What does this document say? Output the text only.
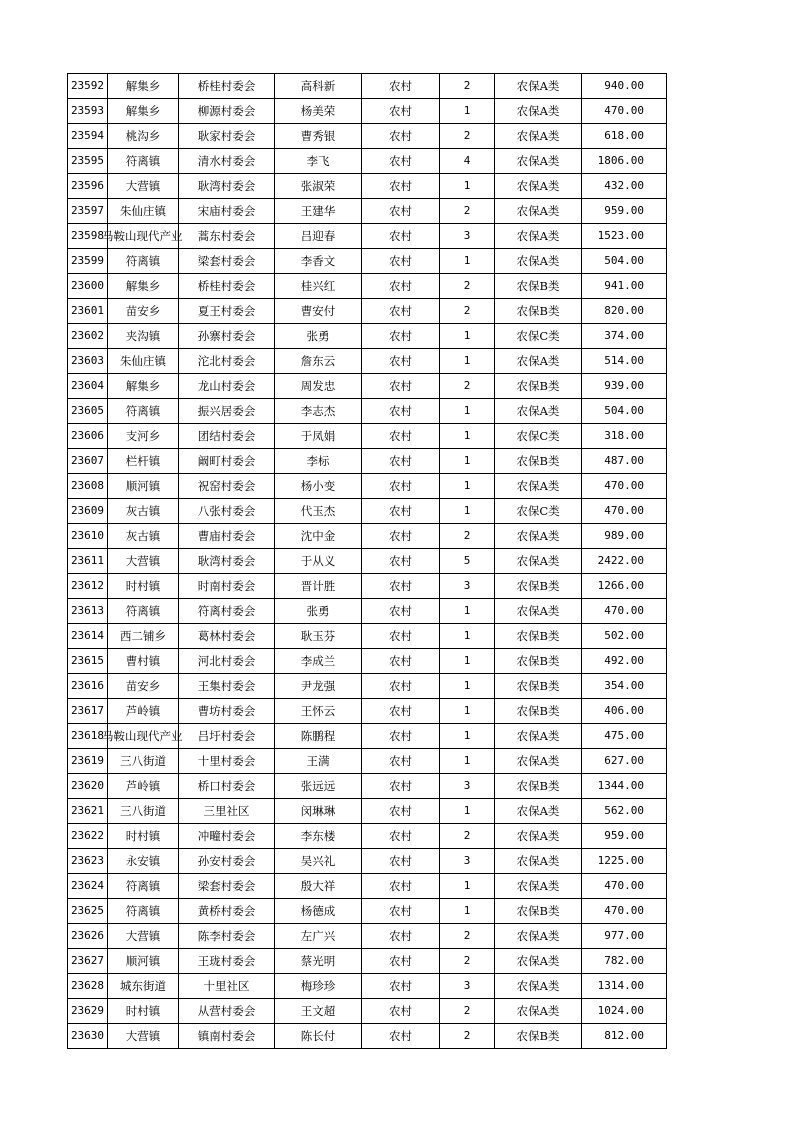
23592	解集乡	桥桂村委会	高科新	农村	2	农保A类	940.00
23593	解集乡	柳源村委会	杨美荣	农村	1	农保A类	470.00
23594	桃沟乡	耿家村委会	曹秀银	农村	2	农保A类	618.00
23595	符离镇	清水村委会	李飞	农村	4	农保A类	1806.00
23596	大营镇	耿湾村委会	张淑荣	农村	1	农保A类	432.00
23597	朱仙庄镇	宋庙村委会	王建华	农村	2	农保A类	959.00
23598	马鞍山现代产业	蒿东村委会	吕迎春	农村	3	农保A类	1523.00
23599	符离镇	梁套村委会	李香文	农村	1	农保A类	504.00
23600	解集乡	桥桂村委会	桂兴红	农村	2	农保B类	941.00
23601	苗安乡	夏王村委会	曹安付	农村	2	农保B类	820.00
23602	夹沟镇	孙寨村委会	张勇	农村	1	农保C类	374.00
23603	朱仙庄镇	沱北村委会	詹东云	农村	1	农保A类	514.00
23604	解集乡	龙山村委会	周发忠	农村	2	农保B类	939.00
23605	符离镇	振兴居委会	李志杰	农村	1	农保A类	504.00
23606	支河乡	团结村委会	于凤娟	农村	1	农保C类	318.00
23607	栏杆镇	阚町村委会	李标	农村	1	农保B类	487.00
23608	顺河镇	祝窑村委会	杨小变	农村	1	农保A类	470.00
23609	灰古镇	八张村委会	代玉杰	农村	1	农保C类	470.00
23610	灰古镇	曹庙村委会	沈中金	农村	2	农保A类	989.00
23611	大营镇	耿湾村委会	于从义	农村	5	农保A类	2422.00
23612	时村镇	时南村委会	晋计胜	农村	3	农保B类	1266.00
23613	符离镇	符离村委会	张勇	农村	1	农保A类	470.00
23614	西二铺乡	葛林村委会	耿玉芬	农村	1	农保B类	502.00
23615	曹村镇	河北村委会	李成兰	农村	1	农保B类	492.00
23616	苗安乡	王集村委会	尹龙强	农村	1	农保B类	354.00
23617	芦岭镇	曹坊村委会	王怀云	农村	1	农保B类	406.00
23618	马鞍山现代产业	吕圩村委会	陈鹏程	农村	1	农保A类	475.00
23619	三八街道	十里村委会	王满	农村	1	农保A类	627.00
23620	芦岭镇	桥口村委会	张远远	农村	3	农保B类	1344.00
23621	三八街道	三里社区	闵琳琳	农村	1	农保A类	562.00
23622	时村镇	冲疃村委会	李东楼	农村	2	农保A类	959.00
23623	永安镇	孙安村委会	吴兴礼	农村	3	农保A类	1225.00
23624	符离镇	梁套村委会	殷大祥	农村	1	农保A类	470.00
23625	符离镇	黄桥村委会	杨德成	农村	1	农保B类	470.00
23626	大营镇	陈李村委会	左广兴	农村	2	农保A类	977.00
23627	顺河镇	王珑村委会	蔡光明	农村	2	农保A类	782.00
23628	城东街道	十里社区	梅珍珍	农村	3	农保A类	1314.00
23629	时村镇	从营村委会	王文超	农村	2	农保A类	1024.00
23630	大营镇	镇南村委会	陈长付	农村	2	农保B类	812.00
